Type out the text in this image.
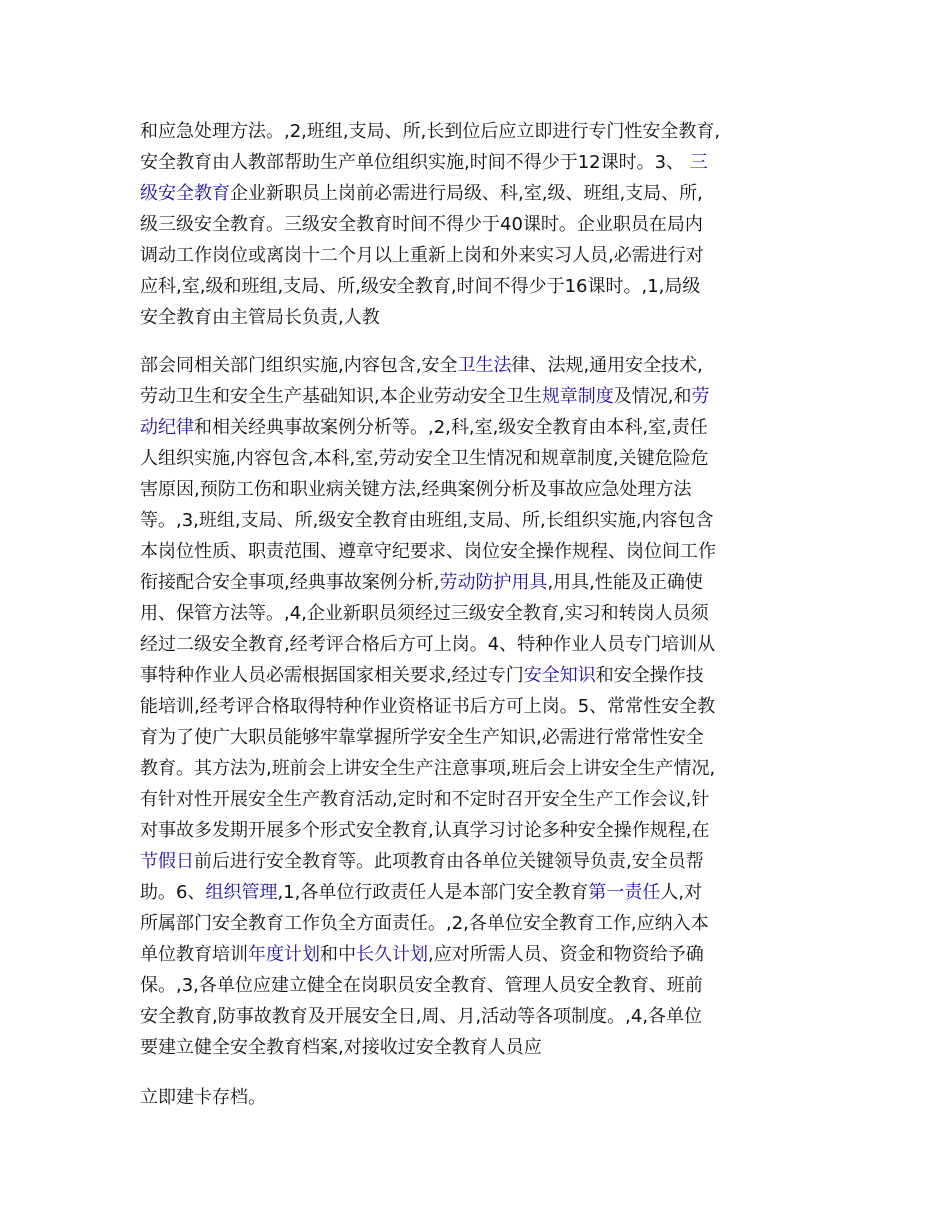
和应急处理方法。,2,班组,支局、所,长到位后应立即进行专门性安全教育,
安全教育由人教部帮助生产单位组织实施,时间不得少于12课时。3、 三
级安全教育企业新职员上岗前必需进行局级、科,室,级、班组,支局、所,
级三级安全教育。三级安全教育时间不得少于40课时。企业职员在局内
调动工作岗位或离岗十二个月以上重新上岗和外来实习人员,必需进行对
应科,室,级和班组,支局、所,级安全教育,时间不得少于16课时。,1,局级
安全教育由主管局长负责,人教
部会同相关部门组织实施,内容包含,安全卫生法律、法规,通用安全技术,
劳动卫生和安全生产基础知识,本企业劳动安全卫生规章制度及情况,和劳
动纪律和相关经典事故案例分析等。,2,科,室,级安全教育由本科,室,责任
人组织实施,内容包含,本科,室,劳动安全卫生情况和规章制度,关键危险危
害原因,预防工伤和职业病关键方法,经典案例分析及事故应急处理方法
等。,3,班组,支局、所,级安全教育由班组,支局、所,长组织实施,内容包含
本岗位性质、职责范围、遵章守纪要求、岗位安全操作规程、岗位间工作
衔接配合安全事项,经典事故案例分析,劳动防护用具,用具,性能及正确使
用、保管方法等。,4,企业新职员须经过三级安全教育,实习和转岗人员须
经过二级安全教育,经考评合格后方可上岗。4、特种作业人员专门培训从
事特种作业人员必需根据国家相关要求,经过专门安全知识和安全操作技
能培训,经考评合格取得特种作业资格证书后方可上岗。5、常常性安全教
育为了使广大职员能够牢靠掌握所学安全生产知识,必需进行常常性安全
教育。其方法为,班前会上讲安全生产注意事项,班后会上讲安全生产情况,
有针对性开展安全生产教育活动,定时和不定时召开安全生产工作会议,针
对事故多发期开展多个形式安全教育,认真学习讨论多种安全操作规程,在
节假日前后进行安全教育等。此项教育由各单位关键领导负责,安全员帮
助。6、组织管理,1,各单位行政责任人是本部门安全教育第一责任人,对
所属部门安全教育工作负全方面责任。,2,各单位安全教育工作,应纳入本
单位教育培训年度计划和中长久计划,应对所需人员、资金和物资给予确
保。,3,各单位应建立健全在岗职员安全教育、管理人员安全教育、班前
安全教育,防事故教育及开展安全日,周、月,活动等各项制度。,4,各单位
要建立健全安全教育档案,对接收过安全教育人员应
立即建卡存档。
